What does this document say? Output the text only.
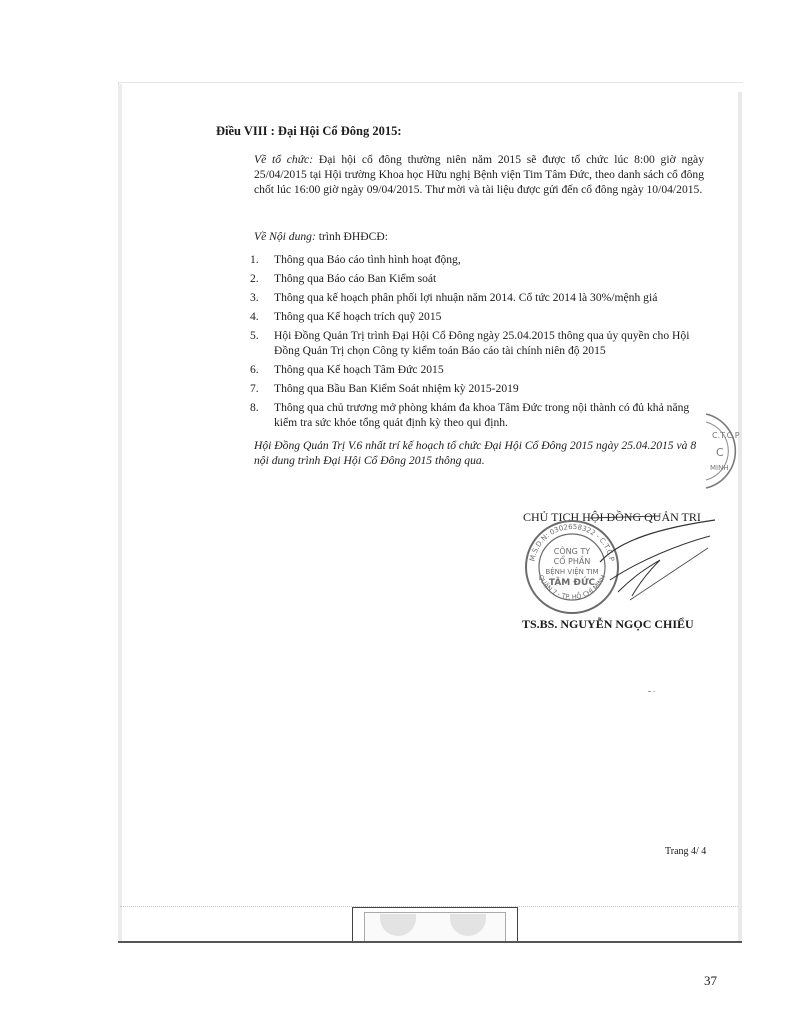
Điều VIII : Đại Hội Cổ Đông 2015:
Về tổ chức: Đại hội cổ đông thường niên năm 2015 sẽ được tổ chức lúc 8:00 giờ ngày 25/04/2015 tại Hội trường Khoa học Hữu nghị Bệnh viện Tim Tâm Đức, theo danh sách cổ đông chốt lúc 16:00 giờ ngày 09/04/2015. Thư mời và tài liệu được gửi đến cổ đông ngày 10/04/2015.
Về Nội dung: trình ĐHĐCĐ:
1.	Thông qua Báo cáo tình hình hoạt động,
2.	Thông qua Báo cáo Ban Kiểm soát
3.	Thông qua kế hoạch phân phối lợi nhuận năm 2014. Cổ tức 2014 là 30%/mệnh giá
4.	Thông qua Kế hoạch trích quỹ 2015
5.	Hội Đồng Quản Trị trình Đại Hội Cổ Đông ngày 25.04.2015 thông qua ủy quyền cho Hội Đồng Quản Trị chọn Công ty kiểm toán Báo cáo tài chính niên độ 2015
6.	Thông qua Kế hoạch Tâm Đức 2015
7.	Thông qua Bầu Ban Kiểm Soát nhiệm kỳ 2015-2019
8.	Thông qua chủ trương mở phòng khám đa khoa Tâm Đức trong nội thành có đủ khả năng kiểm tra sức khỏe tổng quát định kỳ theo qui định.
Hội Đồng Quản Trị V.6 nhất trí kế hoạch tổ chức Đại Hội Cổ Đông 2015 ngày 25.04.2015 và 8 nội dung trình Đại Hội Cổ Đông 2015 thông qua.
C.T.C.P
C
MINH
CHỦ TỊCH HỘI ĐỒNG QUẢN TRỊ
M.S.D.N: 0302658322 - C.T.C.P
QUẬN 7 - TP. HỒ CHÍ MINH
CÔNG TY
CỔ PHẦN
BỆNH VIỆN TIM
TÂM ĐỨC
TS.BS. NGUYỄN NGỌC CHIỂU
Trang 4/ 4
37
